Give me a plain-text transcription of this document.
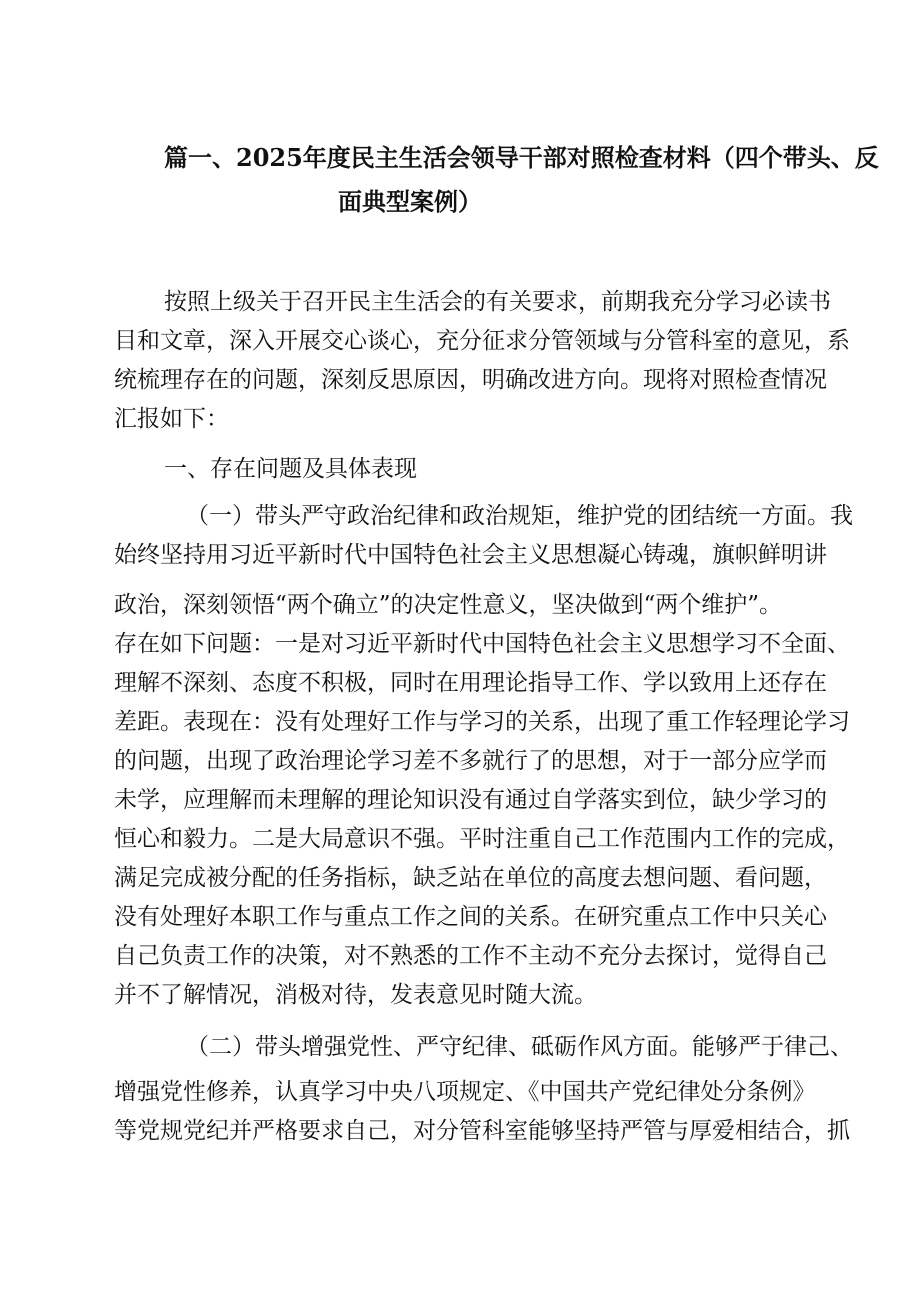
篇一、2025年度民主生活会领导干部对照检查材料（四个带头、反
面典型案例）
按照上级关于召开民主生活会的有关要求，前期我充分学习必读书
目和文章，深入开展交心谈心，充分征求分管领域与分管科室的意见，系
统梳理存在的问题，深刻反思原因，明确改进方向。现将对照检查情况
汇报如下：
一、存在问题及具体表现
（一）带头严守政治纪律和政治规矩，维护党的团结统一方面。我
始终坚持用习近平新时代中国特色社会主义思想凝心铸魂，旗帜鲜明讲
政治，深刻领悟“两个确立”的决定性意义，坚决做到“两个维护”。
存在如下问题：一是对习近平新时代中国特色社会主义思想学习不全面、
理解不深刻、态度不积极，同时在用理论指导工作、学以致用上还存在
差距。表现在：没有处理好工作与学习的关系，出现了重工作轻理论学习
的问题，出现了政治理论学习差不多就行了的思想，对于一部分应学而
未学，应理解而未理解的理论知识没有通过自学落实到位，缺少学习的
恒心和毅力。二是大局意识不强。平时注重自己工作范围内工作的完成，
满足完成被分配的任务指标，缺乏站在单位的高度去想问题、看问题，
没有处理好本职工作与重点工作之间的关系。在研究重点工作中只关心
自己负责工作的决策，对不熟悉的工作不主动不充分去探讨，觉得自己
并不了解情况，消极对待，发表意见时随大流。
（二）带头增强党性、严守纪律、砥砺作风方面。能够严于律己、
增强党性修养，认真学习中央八项规定、《中国共产党纪律处分条例》
等党规党纪并严格要求自己，对分管科室能够坚持严管与厚爱相结合，抓
